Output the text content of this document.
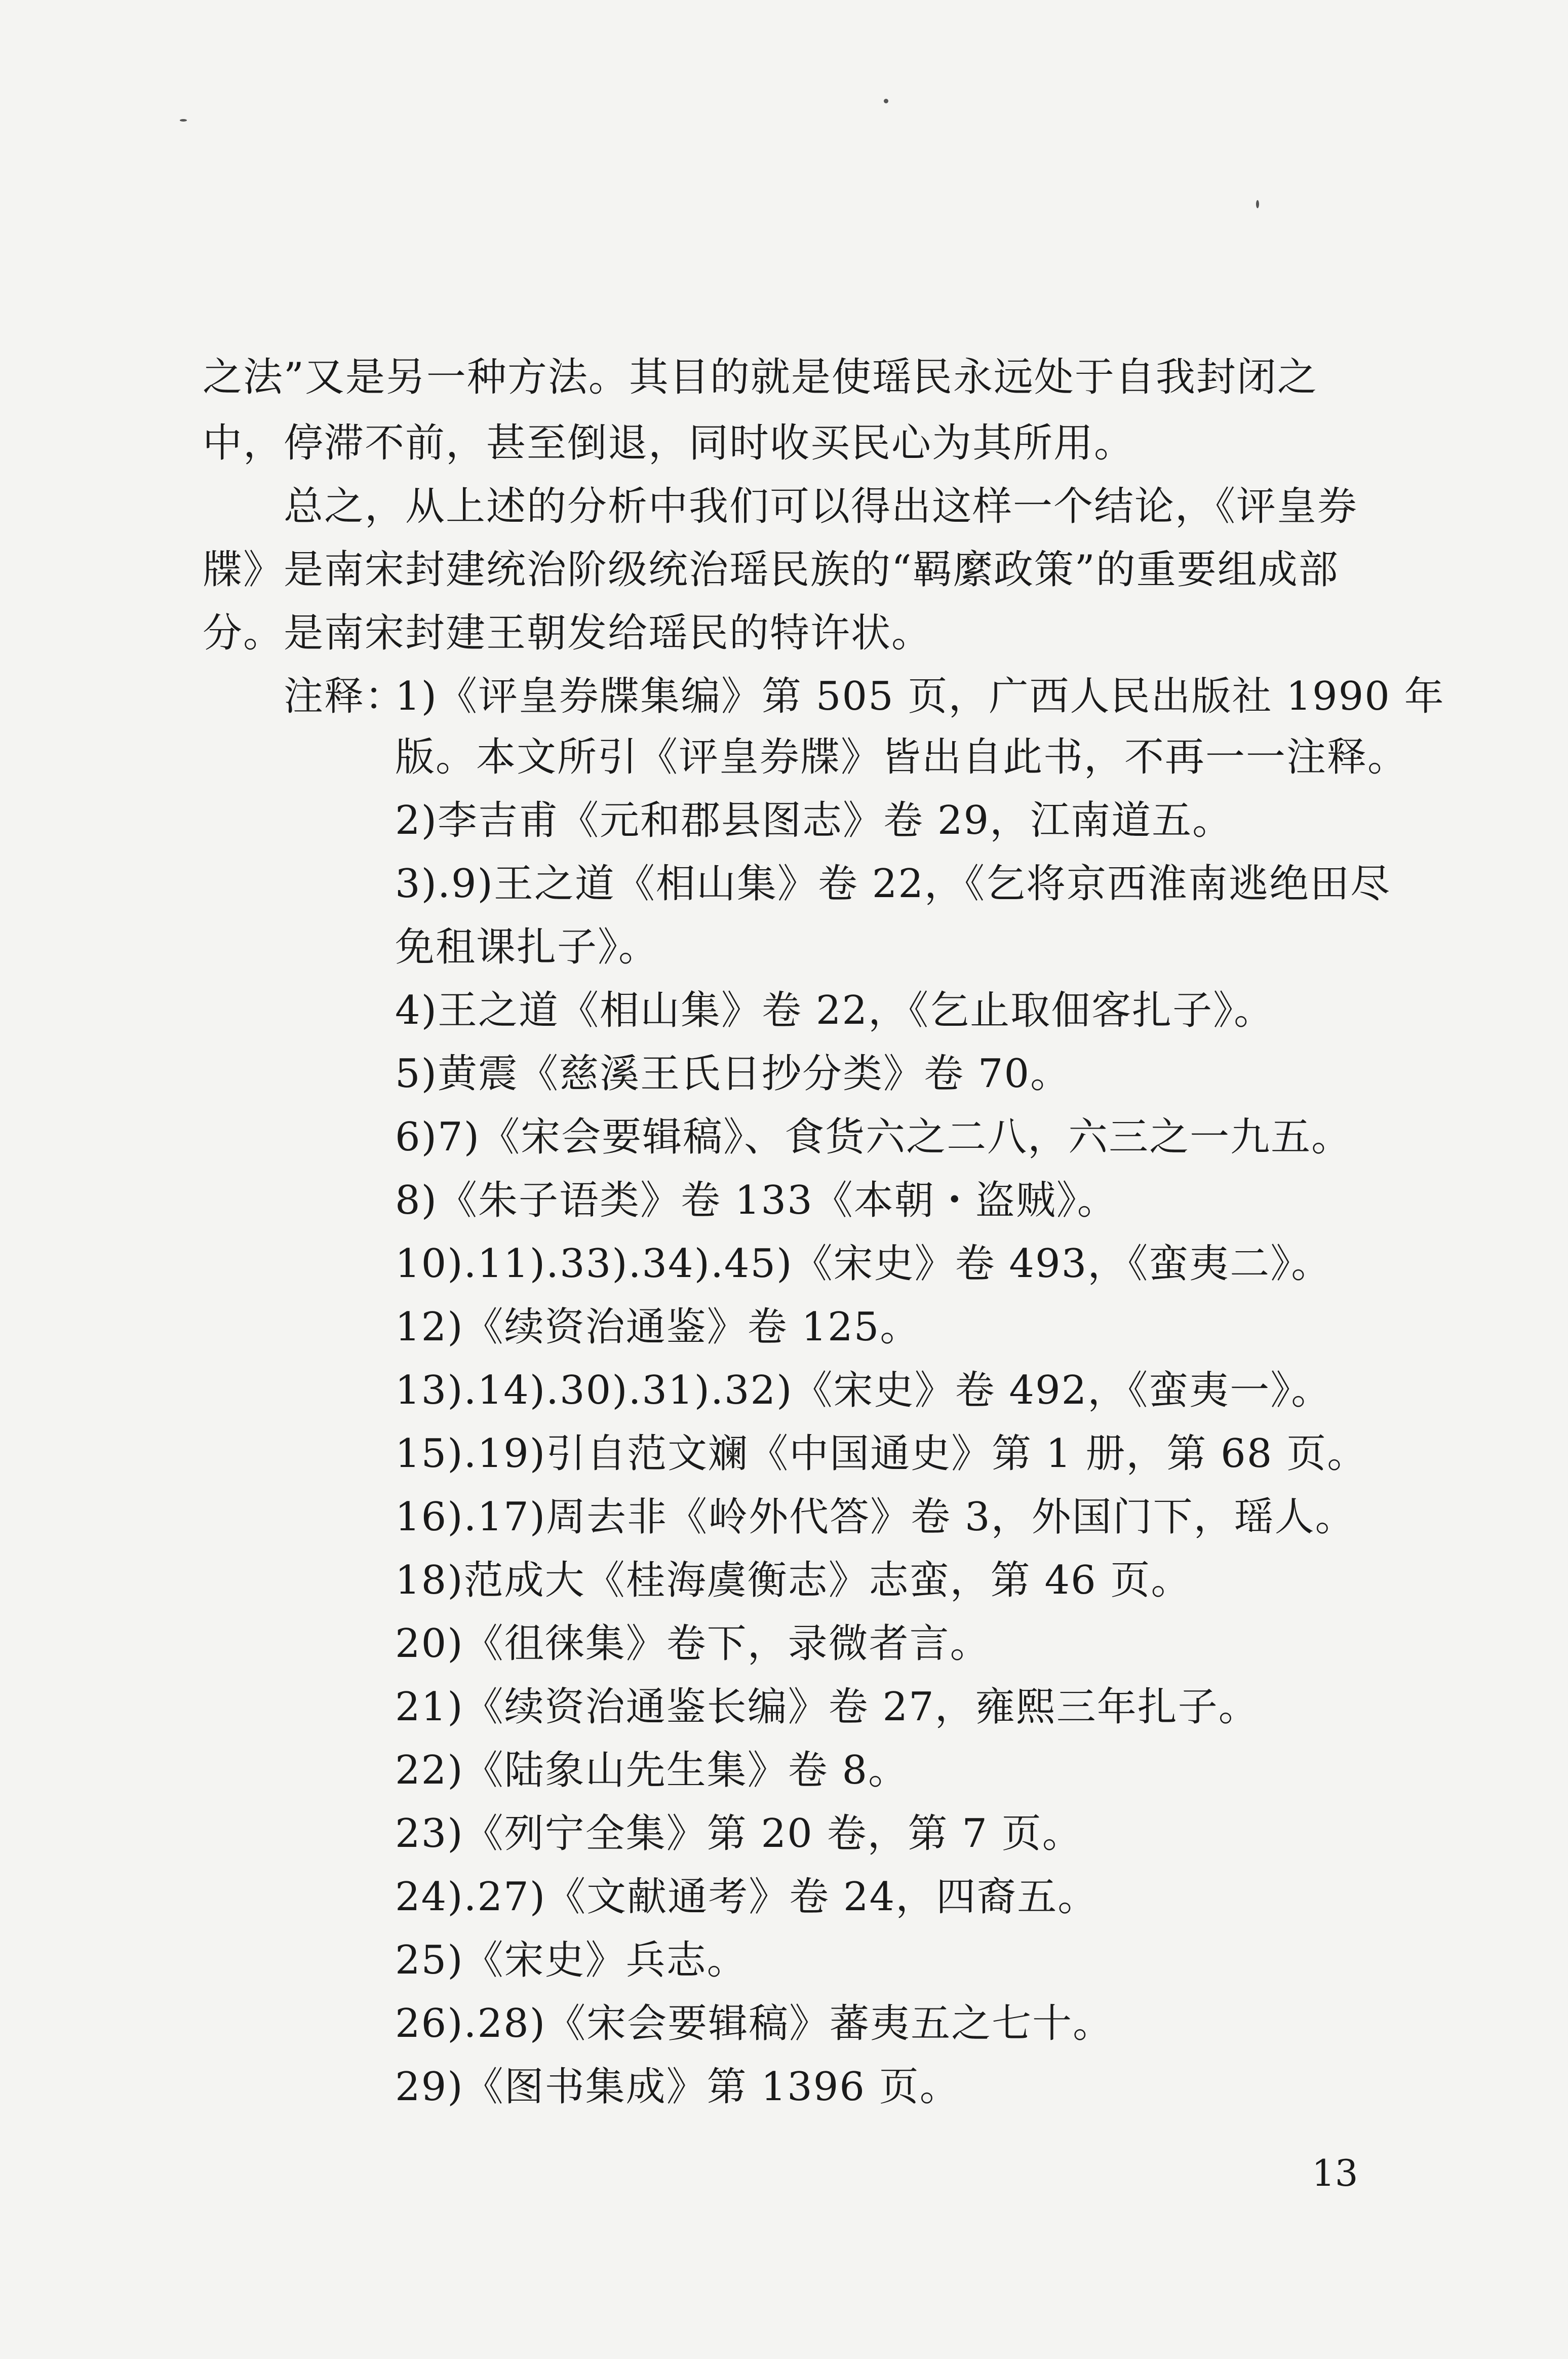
之法”又是另一种方法。其目的就是使瑶民永远处于自我封闭之
中，停滞不前，甚至倒退，同时收买民心为其所用。
总之，从上述的分析中我们可以得出这样一个结论，《评皇券
牒》是南宋封建统治阶级统治瑶民族的“羁縻政策”的重要组成部
分。是南宋封建王朝发给瑶民的特许状。
注释：
1)《评皇券牒集编》第 505 页，广西人民出版社 1990 年
版。本文所引《评皇券牒》皆出自此书，不再一一注释。
2)李吉甫《元和郡县图志》卷 29，江南道五。
3).9)王之道《相山集》卷 22，《乞将京西淮南逃绝田尽
免租课扎子》。
4)王之道《相山集》卷 22，《乞止取佃客扎子》。
5)黄震《慈溪王氏日抄分类》卷 70。
6)7)《宋会要辑稿》、食货六之二八，六三之一九五。
8)《朱子语类》卷 133《本朝・盗贼》。
10).11).33).34).45)《宋史》卷 493，《蛮夷二》。
12)《续资治通鉴》卷 125。
13).14).30).31).32)《宋史》卷 492，《蛮夷一》。
15).19)引自范文斓《中国通史》第 1 册，第 68 页。
16).17)周去非《岭外代答》卷 3，外国门下，瑶人。
18)范成大《桂海虞衡志》志蛮，第 46 页。
20)《徂徕集》卷下，录微者言。
21)《续资治通鉴长编》卷 27，雍熙三年扎子。
22)《陆象山先生集》卷 8。
23)《列宁全集》第 20 卷，第 7 页。
24).27)《文献通考》卷 24，四裔五。
25)《宋史》兵志。
26).28)《宋会要辑稿》蕃夷五之七十。
29)《图书集成》第 1396 页。
13
